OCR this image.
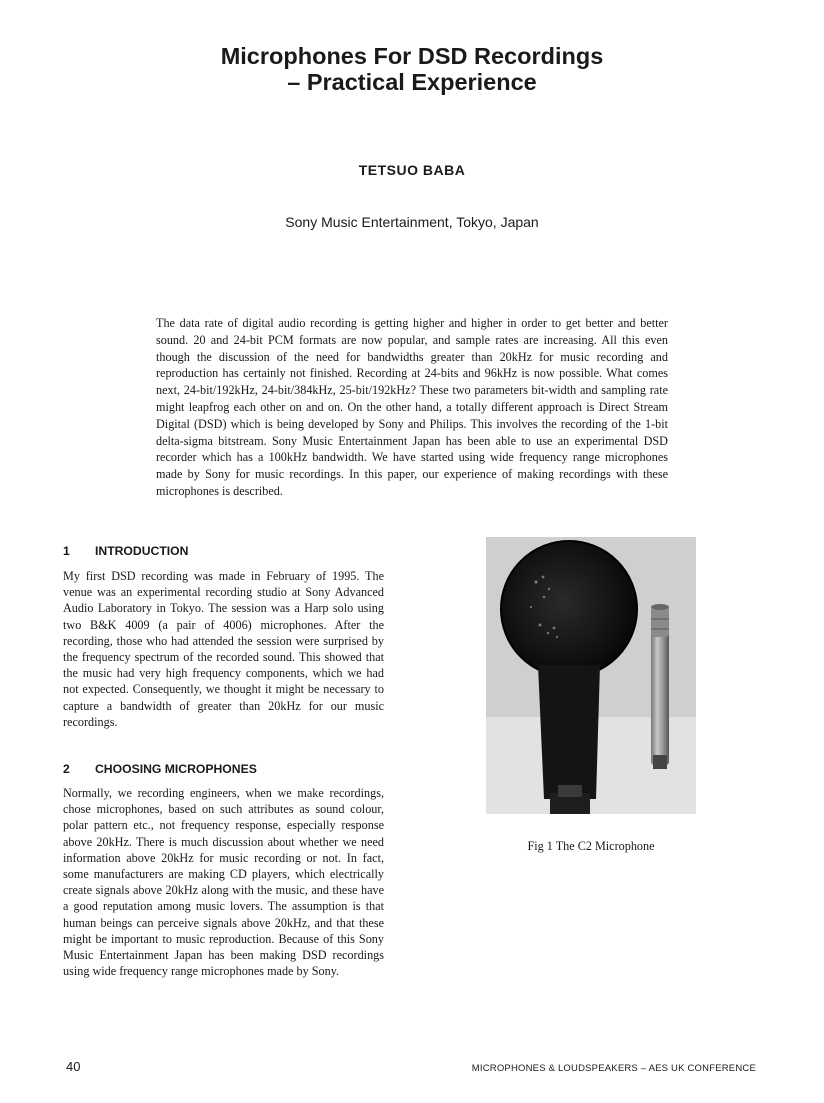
Microphones For DSD Recordings
– Practical Experience
TETSUO BABA
Sony Music Entertainment, Tokyo, Japan

The data rate of digital audio recording is getting higher and higher in order to get better and better sound. 20 and 24-bit PCM formats are now popular, and sample rates are increasing. All this even though the discussion of the need for bandwidths greater than 20kHz for music recording and reproduction has certainly not finished. Recording at 24-bits and 96kHz is now possible. What comes next, 24-bit/192kHz, 24-bit/384kHz, 25-bit/192kHz? These two parameters bit-width and sampling rate might leapfrog each other on and on. On the other hand, a totally different approach is Direct Stream Digital (DSD) which is being developed by Sony and Philips. This involves the recording of the 1-bit delta-sigma bitstream. Sony Music Entertainment Japan has been able to use an experimental DSD recorder which has a 100kHz bandwidth. We have started using wide frequency range microphones made by Sony for music recordings. In this paper, our experience of making recordings with these microphones is described.

1 INTRODUCTION

My first DSD recording was made in February of 1995. The venue was an experimental recording studio at Sony Advanced Audio Laboratory in Tokyo. The session was a Harp solo using two B&K 4009 (a pair of 4006) microphones. After the recording, those who had attended the session were surprised by the frequency spectrum of the recorded sound. This showed that the music had very high frequency components, which we had not expected. Consequently, we thought it might be necessary to capture a bandwidth of greater than 20kHz for our music recordings.

2 CHOOSING MICROPHONES

Normally, we recording engineers, when we make recordings, chose microphones, based on such attributes as sound colour, polar pattern etc., not frequency response, especially response above 20kHz. There is much discussion about whether we need information above 20kHz for music recording or not. In fact, some manufacturers are making CD players, which electrically create signals above 20kHz along with the music, and these have a good reputation among music lovers. The assumption is that human beings can perceive signals above 20kHz, and that these might be important to music reproduction. Because of this Sony Music Entertainment Japan has been making DSD recordings using wide frequency range microphones made by Sony.

Fig 1 The C2 Microphone
40	MICROPHONES & LOUDSPEAKERS – AES UK CONFERENCE
